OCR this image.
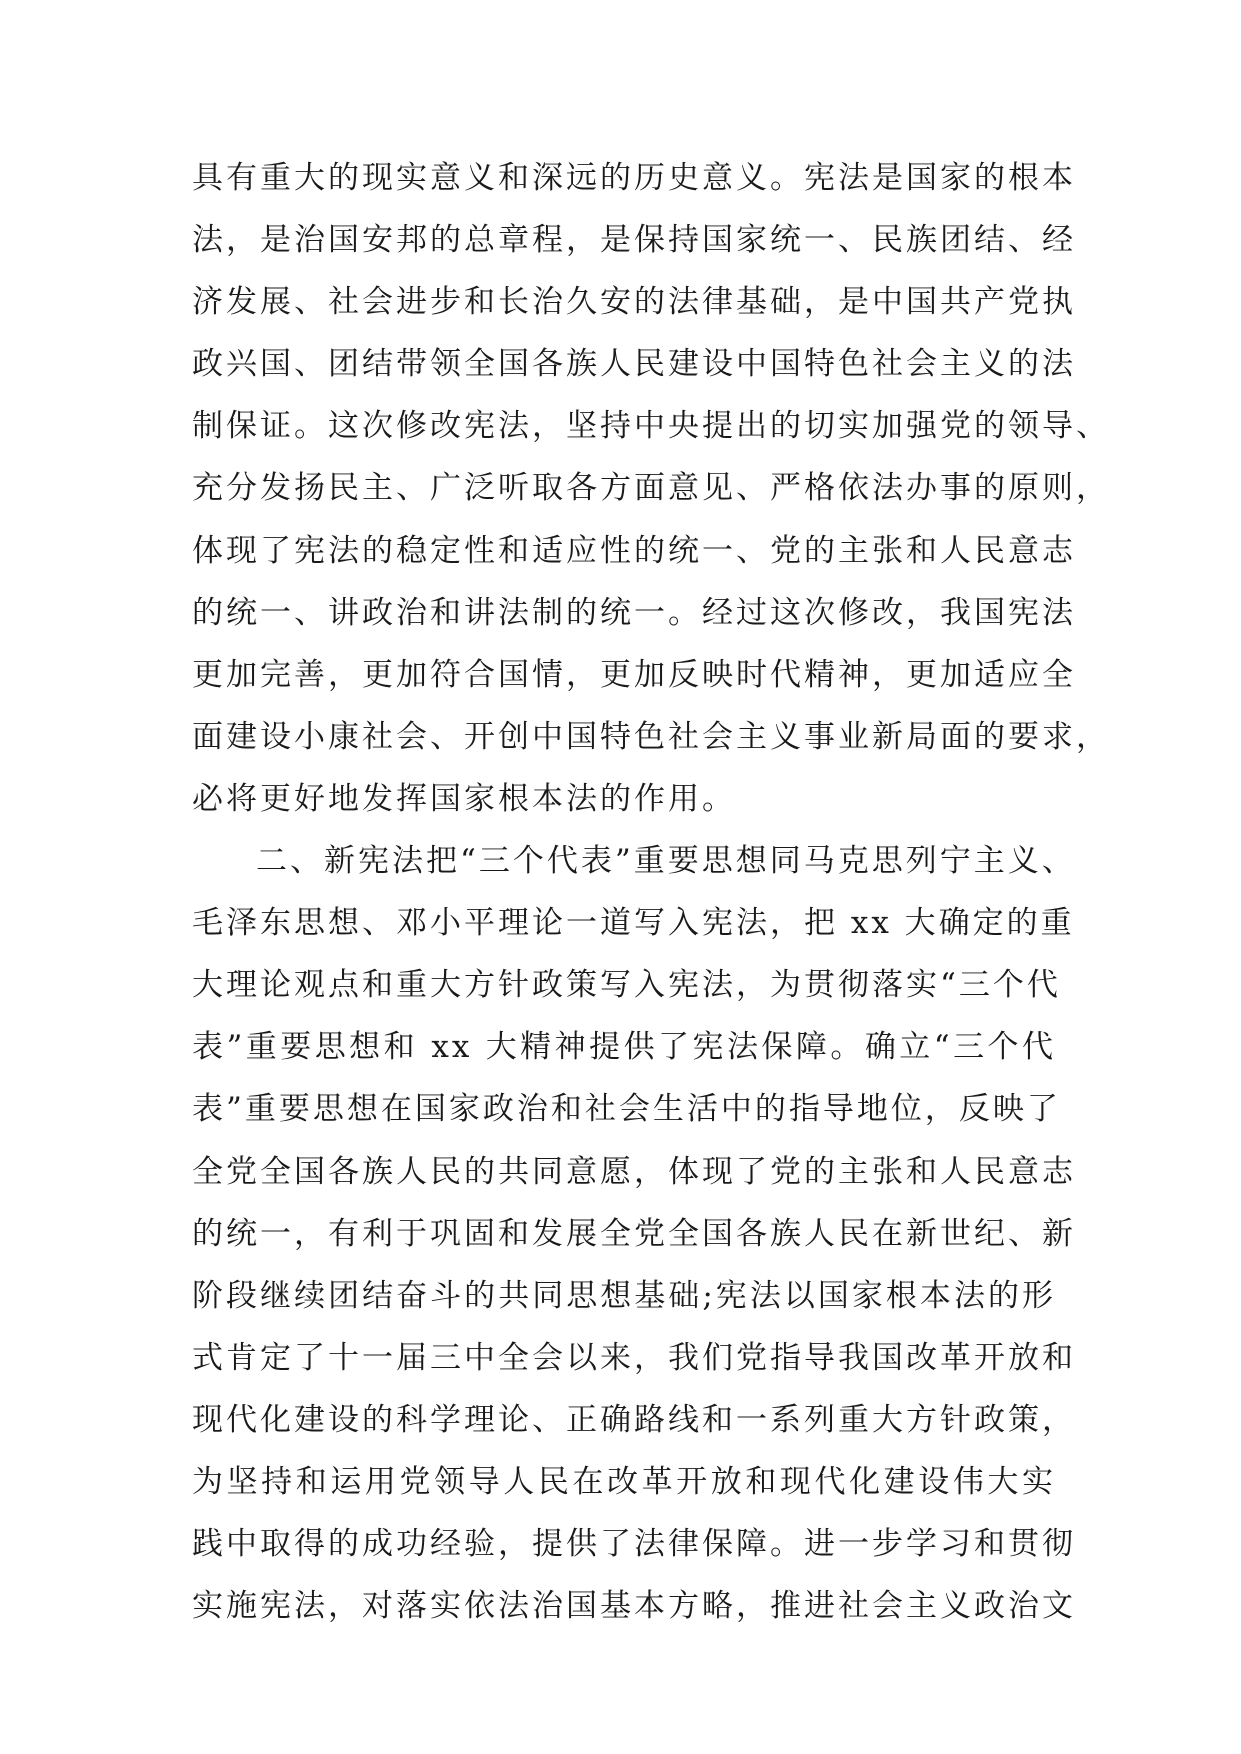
具有重大的现实意义和深远的历史意义。宪法是国家的根本
法，是治国安邦的总章程，是保持国家统一、民族团结、经
济发展、社会进步和长治久安的法律基础，是中国共产党执
政兴国、团结带领全国各族人民建设中国特色社会主义的法
制保证。这次修改宪法，坚持中央提出的切实加强党的领导、
充分发扬民主、广泛听取各方面意见、严格依法办事的原则，
体现了宪法的稳定性和适应性的统一、党的主张和人民意志
的统一、讲政治和讲法制的统一。经过这次修改，我国宪法
更加完善，更加符合国情，更加反映时代精神，更加适应全
面建设小康社会、开创中国特色社会主义事业新局面的要求，
必将更好地发挥国家根本法的作用。
二、新宪法把“三个代表”重要思想同马克思列宁主义、
毛泽东思想、邓小平理论一道写入宪法，把 xx 大确定的重
大理论观点和重大方针政策写入宪法，为贯彻落实“三个代
表”重要思想和 xx 大精神提供了宪法保障。确立“三个代
表”重要思想在国家政治和社会生活中的指导地位，反映了
全党全国各族人民的共同意愿，体现了党的主张和人民意志
的统一，有利于巩固和发展全党全国各族人民在新世纪、新
阶段继续团结奋斗的共同思想基础;宪法以国家根本法的形
式肯定了十一届三中全会以来，我们党指导我国改革开放和
现代化建设的科学理论、正确路线和一系列重大方针政策，
为坚持和运用党领导人民在改革开放和现代化建设伟大实
践中取得的成功经验，提供了法律保障。进一步学习和贯彻
实施宪法，对落实依法治国基本方略，推进社会主义政治文
